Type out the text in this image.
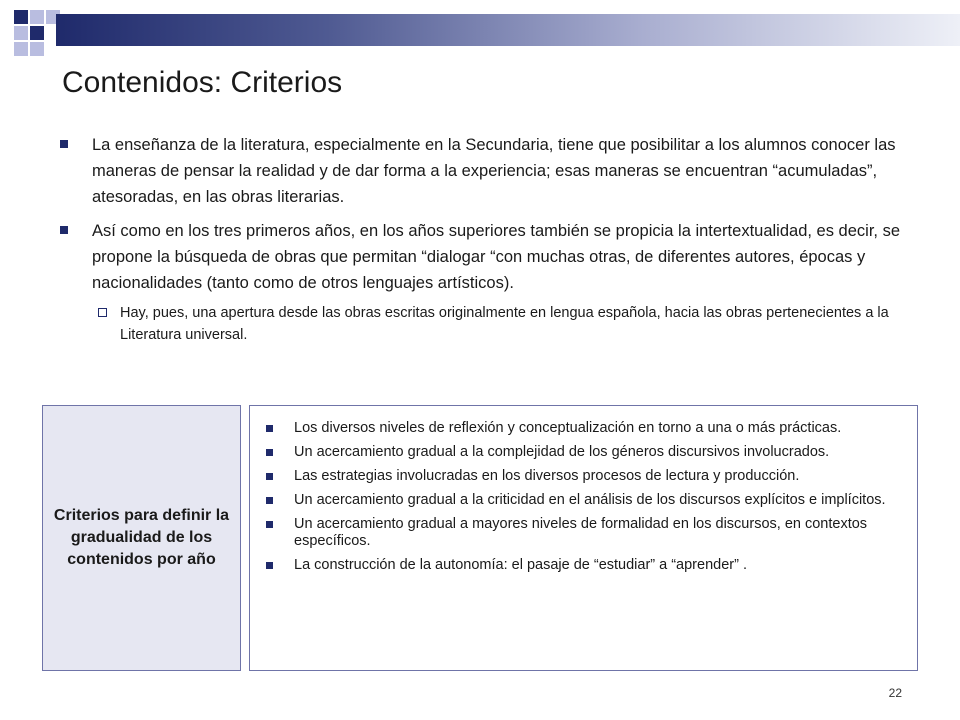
Contenidos: Criterios
La enseñanza de la literatura, especialmente en la Secundaria, tiene que posibilitar a los alumnos conocer las maneras de pensar la realidad y de dar forma a la experiencia; esas maneras se encuentran “acumuladas”, atesoradas, en las obras literarias.
Así como en los tres primeros años, en los años superiores también se propicia la intertextualidad, es decir, se propone la búsqueda de obras que permitan “dialogar “con muchas otras, de diferentes autores, épocas y nacionalidades (tanto como de otros lenguajes artísticos).
Hay, pues, una apertura desde las obras escritas originalmente en lengua española, hacia las obras pertenecientes a la Literatura universal.
Criterios para definir la gradualidad de los contenidos por año
Los diversos niveles de reflexión y conceptualización en torno a una o más prácticas.
Un acercamiento gradual a la complejidad de los géneros discursivos involucrados.
Las estrategias involucradas en los diversos procesos de lectura y producción.
Un acercamiento gradual a la criticidad en el análisis de los discursos explícitos e implícitos.
Un acercamiento gradual a mayores niveles de formalidad en los discursos, en contextos específicos.
La construcción de la autonomía: el pasaje de “estudiar” a “aprender” .
22
